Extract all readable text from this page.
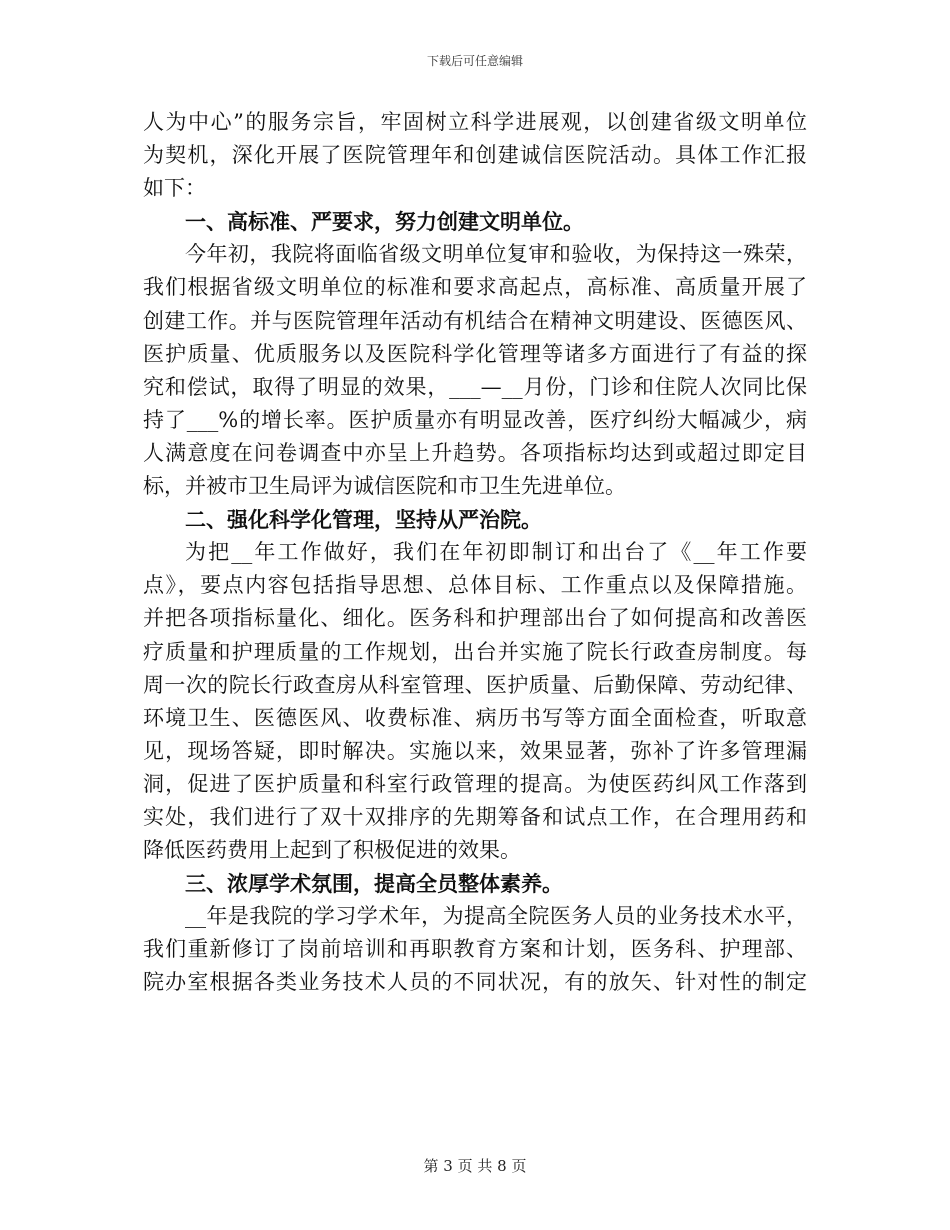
下载后可任意编辑
人为中心”的服务宗旨，牢固树立科学进展观，以创建省级文明单位
为契机，深化开展了医院管理年和创建诚信医院活动。具体工作汇报
如下：
一、高标准、严要求，努力创建文明单位。
今年初，我院将面临省级文明单位复审和验收，为保持这一殊荣，
我们根据省级文明单位的标准和要求高起点，高标准、高质量开展了
创建工作。并与医院管理年活动有机结合在精神文明建设、医德医风、
医护质量、优质服务以及医院科学化管理等诸多方面进行了有益的探
究和偿试，取得了明显的效果，___—__月份，门诊和住院人次同比保
持了___%的增长率。医护质量亦有明显改善，医疗纠纷大幅减少，病
人满意度在问卷调查中亦呈上升趋势。各项指标均达到或超过即定目
标，并被市卫生局评为诚信医院和市卫生先进单位。
二、强化科学化管理，坚持从严治院。
为把__年工作做好，我们在年初即制订和出台了《__年工作要
点》，要点内容包括指导思想、总体目标、工作重点以及保障措施。
并把各项指标量化、细化。医务科和护理部出台了如何提高和改善医
疗质量和护理质量的工作规划，出台并实施了院长行政查房制度。每
周一次的院长行政查房从科室管理、医护质量、后勤保障、劳动纪律、
环境卫生、医德医风、收费标准、病历书写等方面全面检查，听取意
见，现场答疑，即时解决。实施以来，效果显著，弥补了许多管理漏
洞，促进了医护质量和科室行政管理的提高。为使医药纠风工作落到
实处，我们进行了双十双排序的先期筹备和试点工作，在合理用药和
降低医药费用上起到了积极促进的效果。
三、浓厚学术氛围，提高全员整体素养。
__年是我院的学习学术年，为提高全院医务人员的业务技术水平，
我们重新修订了岗前培训和再职教育方案和计划，医务科、护理部、
院办室根据各类业务技术人员的不同状况，有的放矢、针对性的制定
第 3 页 共 8 页
